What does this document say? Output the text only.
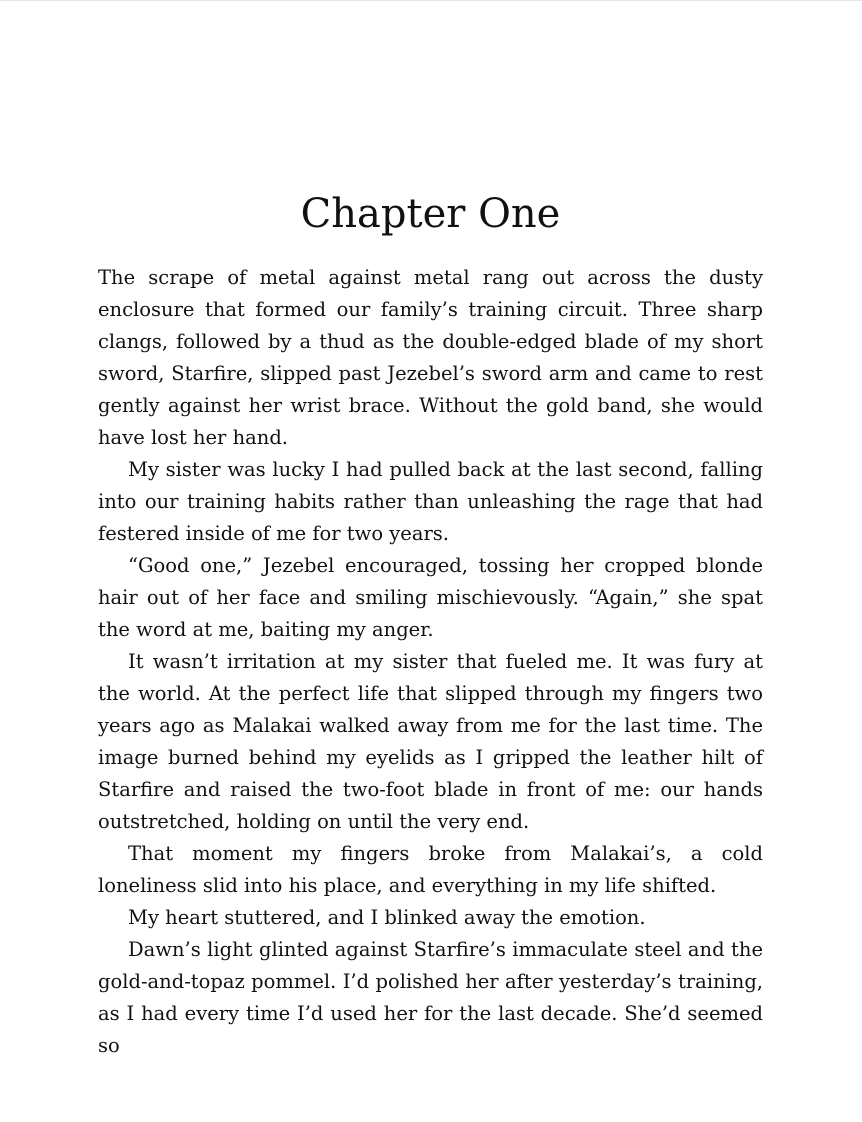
Chapter One

The scrape of metal against metal rang out across the dusty enclosure that formed our family’s training circuit. Three sharp clangs, followed by a thud as the double-edged blade of my short sword, Starfire, slipped past Jezebel’s sword arm and came to rest gently against her wrist brace. Without the gold band, she would have lost her hand.

My sister was lucky I had pulled back at the last second, falling into our training habits rather than unleashing the rage that had festered inside of me for two years.

“Good one,” Jezebel encouraged, tossing her cropped blonde hair out of her face and smiling mischievously. “Again,” she spat the word at me, baiting my anger.

It wasn’t irritation at my sister that fueled me. It was fury at the world. At the perfect life that slipped through my fingers two years ago as Malakai walked away from me for the last time. The image burned behind my eyelids as I gripped the leather hilt of Starfire and raised the two-foot blade in front of me: our hands outstretched, holding on until the very end.

That moment my fingers broke from Malakai’s, a cold loneliness slid into his place, and everything in my life shifted.

My heart stuttered, and I blinked away the emotion.

Dawn’s light glinted against Starfire’s immaculate steel and the gold-and-topaz pommel. I’d polished her after yesterday’s training, as I had every time I’d used her for the last decade. She’d seemed so
